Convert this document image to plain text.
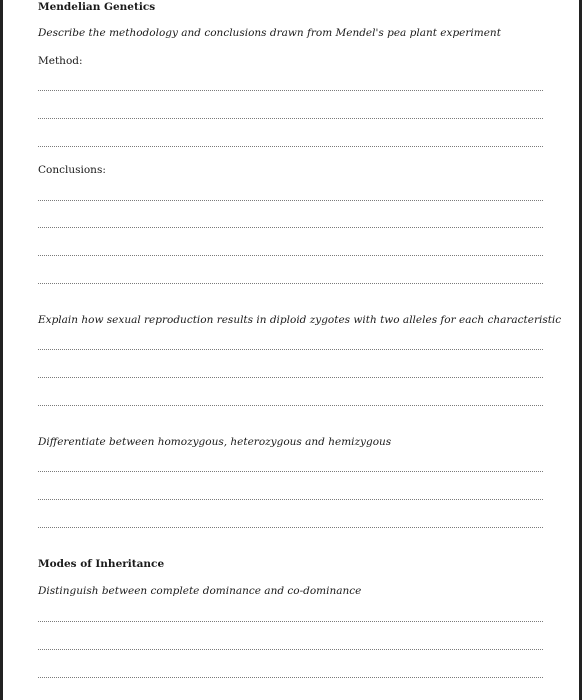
Mendelian Genetics
Describe the methodology and conclusions drawn from Mendel's pea plant experiment
Method:
Conclusions:
Explain how sexual reproduction results in diploid zygotes with two alleles for each characteristic
Differentiate between homozygous, heterozygous and hemizygous
Modes of Inheritance
Distinguish between complete dominance and co-dominance
